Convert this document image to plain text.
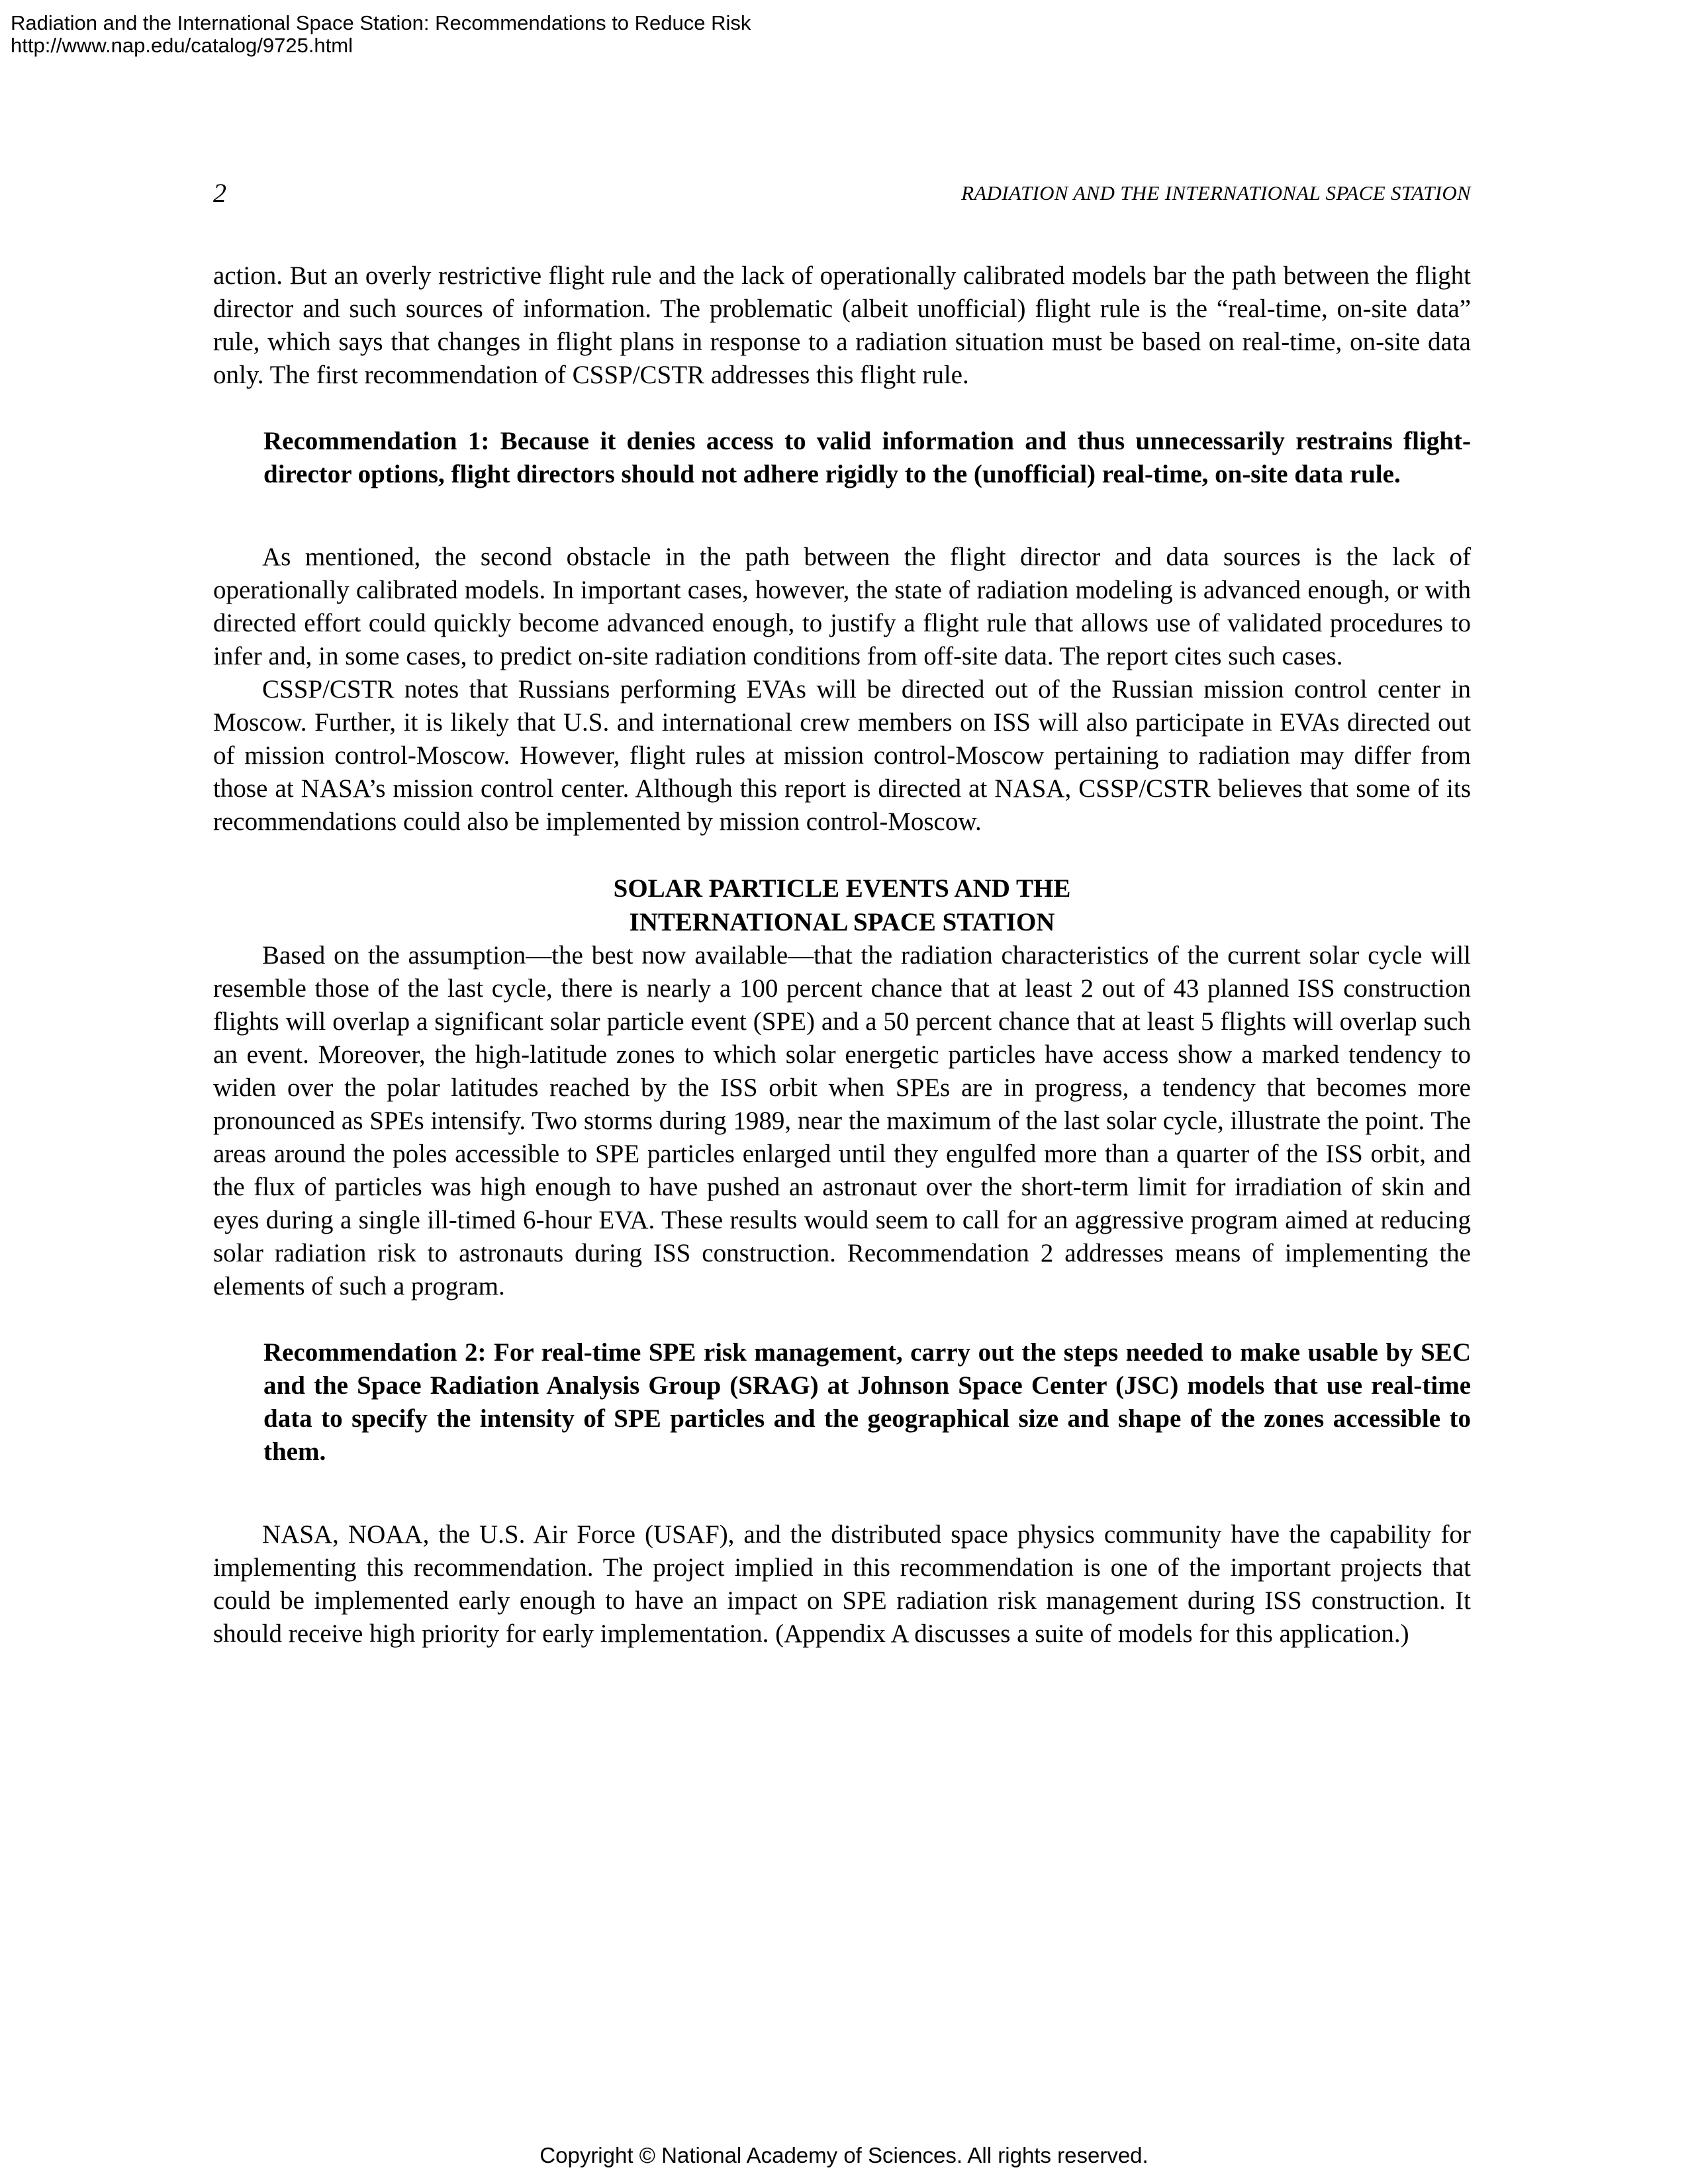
Radiation and the International Space Station: Recommendations to Reduce Risk
http://www.nap.edu/catalog/9725.html
2	RADIATION AND THE INTERNATIONAL SPACE STATION

action. But an overly restrictive flight rule and the lack of operationally calibrated models bar the path between the flight director and such sources of information. The problematic (albeit unofficial) flight rule is the “real-time, on-site data” rule, which says that changes in flight plans in response to a radiation situation must be based on real-time, on-site data only. The first recommendation of CSSP/CSTR addresses this flight rule.

Recommendation 1: Because it denies access to valid information and thus unnecessarily restrains flight-director options, flight directors should not adhere rigidly to the (unofficial) real-time, on-site data rule.

As mentioned, the second obstacle in the path between the flight director and data sources is the lack of operationally calibrated models. In important cases, however, the state of radiation modeling is advanced enough, or with directed effort could quickly become advanced enough, to justify a flight rule that allows use of validated procedures to infer and, in some cases, to predict on-site radiation conditions from off-site data. The report cites such cases.

CSSP/CSTR notes that Russians performing EVAs will be directed out of the Russian mission control center in Moscow. Further, it is likely that U.S. and international crew members on ISS will also participate in EVAs directed out of mission control-Moscow. However, flight rules at mission control-Moscow pertaining to radiation may differ from those at NASA’s mission control center. Although this report is directed at NASA, CSSP/CSTR believes that some of its recommendations could also be implemented by mission control-Moscow.

SOLAR PARTICLE EVENTS AND THE
INTERNATIONAL SPACE STATION

Based on the assumption—the best now available—that the radiation characteristics of the current solar cycle will resemble those of the last cycle, there is nearly a 100 percent chance that at least 2 out of 43 planned ISS construction flights will overlap a significant solar particle event (SPE) and a 50 percent chance that at least 5 flights will overlap such an event. Moreover, the high-latitude zones to which solar energetic particles have access show a marked tendency to widen over the polar latitudes reached by the ISS orbit when SPEs are in progress, a tendency that becomes more pronounced as SPEs intensify. Two storms during 1989, near the maximum of the last solar cycle, illustrate the point. The areas around the poles accessible to SPE particles enlarged until they engulfed more than a quarter of the ISS orbit, and the flux of particles was high enough to have pushed an astronaut over the short-term limit for irradiation of skin and eyes during a single ill-timed 6-hour EVA. These results would seem to call for an aggressive program aimed at reducing solar radiation risk to astronauts during ISS construction. Recommendation 2 addresses means of implementing the elements of such a program.

Recommendation 2: For real-time SPE risk management, carry out the steps needed to make usable by SEC and the Space Radiation Analysis Group (SRAG) at Johnson Space Center (JSC) models that use real-time data to specify the intensity of SPE particles and the geographical size and shape of the zones accessible to them.

NASA, NOAA, the U.S. Air Force (USAF), and the distributed space physics community have the capability for implementing this recommendation. The project implied in this recommendation is one of the important projects that could be implemented early enough to have an impact on SPE radiation risk management during ISS construction. It should receive high priority for early implementation. (Appendix A discusses a suite of models for this application.)

Copyright © National Academy of Sciences. All rights reserved.
